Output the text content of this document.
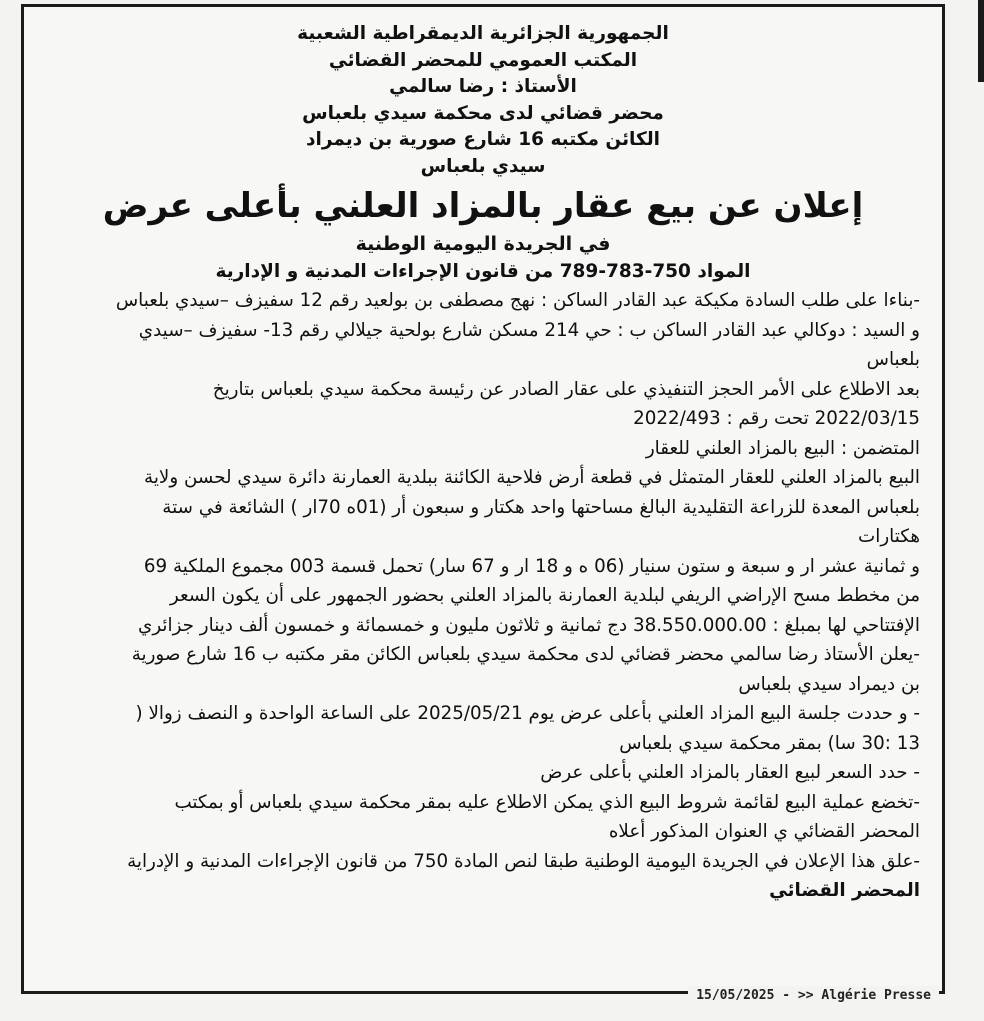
الجمهورية الجزائرية الديمقراطية الشعبية
المكتب العمومي للمحضر القضائي
الأستاذ : رضا سالمي
محضر قضائي لدى محكمة سيدي بلعباس
الكائن مكتبه 16 شارع صورية بن ديمراد
سيدي بلعباس
إعلان عن بيع عقار بالمزاد العلني بأعلى عرض
في الجريدة اليومية الوطنية
المواد 750-783-789 من قانون الإجراءات المدنية و الإدارية
-بناءا على طلب السادة مكيكة عبد القادر الساكن : نهج مصطفى بن بولعيد رقم 12 سفيزف –سيدي بلعباس
و السيد : دوكالي عبد القادر الساكن ب : حي 214 مسكن شارع بولحية جيلالي رقم 13- سفيزف –سيدي
بلعباس
بعد الاطلاع على الأمر الحجز التنفيذي على عقار الصادر عن رئيسة محكمة سيدي بلعباس بتاريخ
2022/03/15 تحت رقم : 2022/493
المتضمن : البيع بالمزاد العلني للعقار
البيع بالمزاد العلني للعقار المتمثل في قطعة أرض فلاحية الكائنة ببلدية العمارنة دائرة سيدي لحسن ولاية
بلعباس المعدة للزراعة التقليدية البالغ مساحتها واحد هكتار و سبعون أر (01ه 70ار ) الشائعة في ستة
هكتارات
و ثمانية عشر ار و سبعة و ستون سنيار (06 ه و 18 ار و 67 سار) تحمل قسمة 003 مجموع الملكية 69
من مخطط مسح الإراضي الريفي لبلدية العمارنة بالمزاد العلني بحضور الجمهور على أن يكون السعر
الإفتتاحي لها بمبلغ : 38.550.000.00 دج ثمانية و ثلاثون مليون و خمسمائة و خمسون ألف دينار جزائري
-يعلن الأستاذ رضا سالمي محضر قضائي لدى محكمة سيدي بلعباس الكائن مقر مكتبه ب 16 شارع صورية
بن ديمراد سيدي بلعباس
- و حددت جلسة البيع المزاد العلني بأعلى عرض يوم 2025/05/21 على الساعة الواحدة و النصف زوالا (
13 :30 سا) بمقر محكمة سيدي بلعباس
- حدد السعر لبيع العقار بالمزاد العلني بأعلى عرض
-تخضع عملية البيع لقائمة شروط البيع الذي يمكن الاطلاع عليه بمقر محكمة سيدي بلعباس أو بمكتب
المحضر القضائي ي العنوان المذكور أعلاه
-علق هذا الإعلان في الجريدة اليومية الوطنية طبقا لنص المادة 750 من قانون الإجراءات المدنية و الإدراية
المحضر القضائي
15/05/2025 - >> Algérie Presse
